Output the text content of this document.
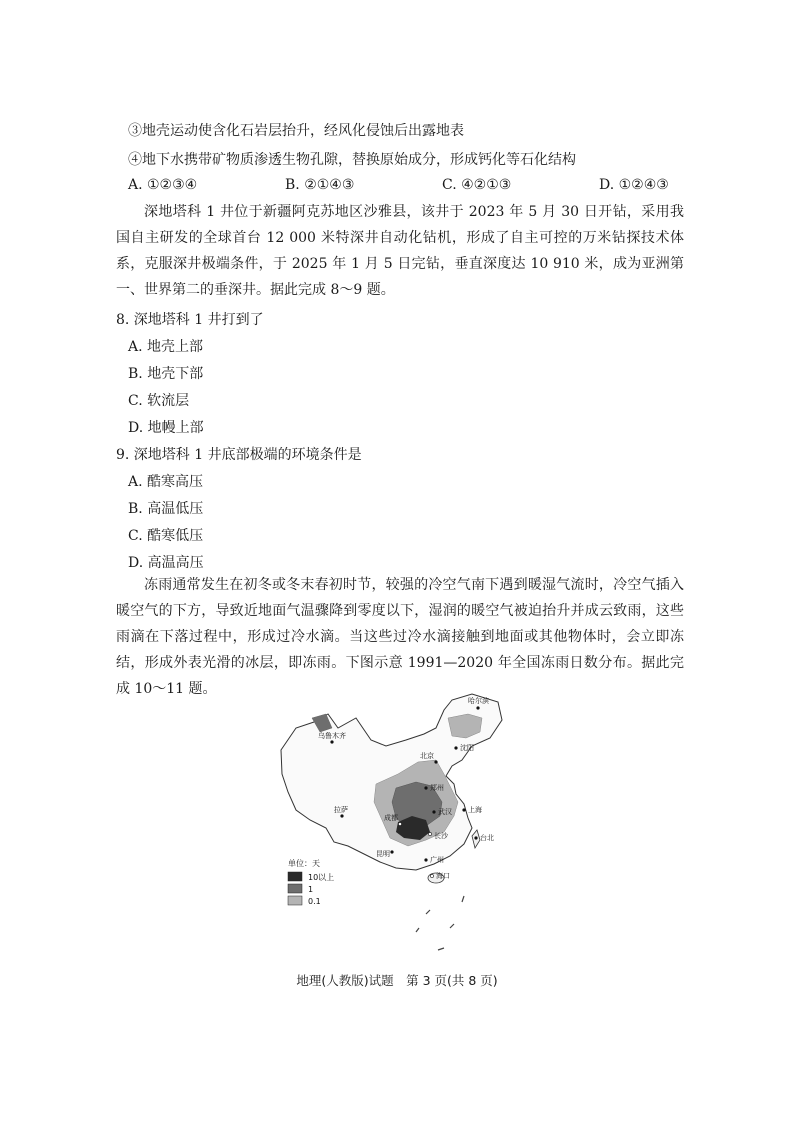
③地壳运动使含化石岩层抬升，经风化侵蚀后出露地表
④地下水携带矿物质渗透生物孔隙，替换原始成分，形成钙化等石化结构
A. ①②③④	B. ②①④③	C. ④②①③	D. ①②④③

深地塔科 1 井位于新疆阿克苏地区沙雅县，该井于 2023 年 5 月 30 日开钻，采用我国自主研发的全球首台 12 000 米特深井自动化钻机，形成了自主可控的万米钻探技术体系，克服深井极端条件，于 2025 年 1 月 5 日完钻，垂直深度达 10 910 米，成为亚洲第一、世界第二的垂深井。据此完成 8～9 题。

8. 深地塔科 1 井打到了
A. 地壳上部
B. 地壳下部
C. 软流层
D. 地幔上部
9. 深地塔科 1 井底部极端的环境条件是
A. 酷寒高压
B. 高温低压
C. 酷寒低压
D. 高温高压

冻雨通常发生在初冬或冬末春初时节，较强的冷空气南下遇到暖湿气流时，冷空气插入暖空气的下方，导致近地面气温骤降到零度以下，湿润的暖空气被迫抬升并成云致雨，这些雨滴在下落过程中，形成过冷水滴。当这些过冷水滴接触到地面或其他物体时，会立即冻结，形成外表光滑的冰层，即冻雨。下图示意 1991—2020 年全国冻雨日数分布。据此完成 10～11 题。

哈尔滨
乌鲁木齐
沈阳
北京
郑州
拉萨
成都
武汉 上海
长沙
昆明
台北
广州
海口
单位：天
10以上
1
0.1
地理(人教版)试题　第 3 页(共 8 页)
